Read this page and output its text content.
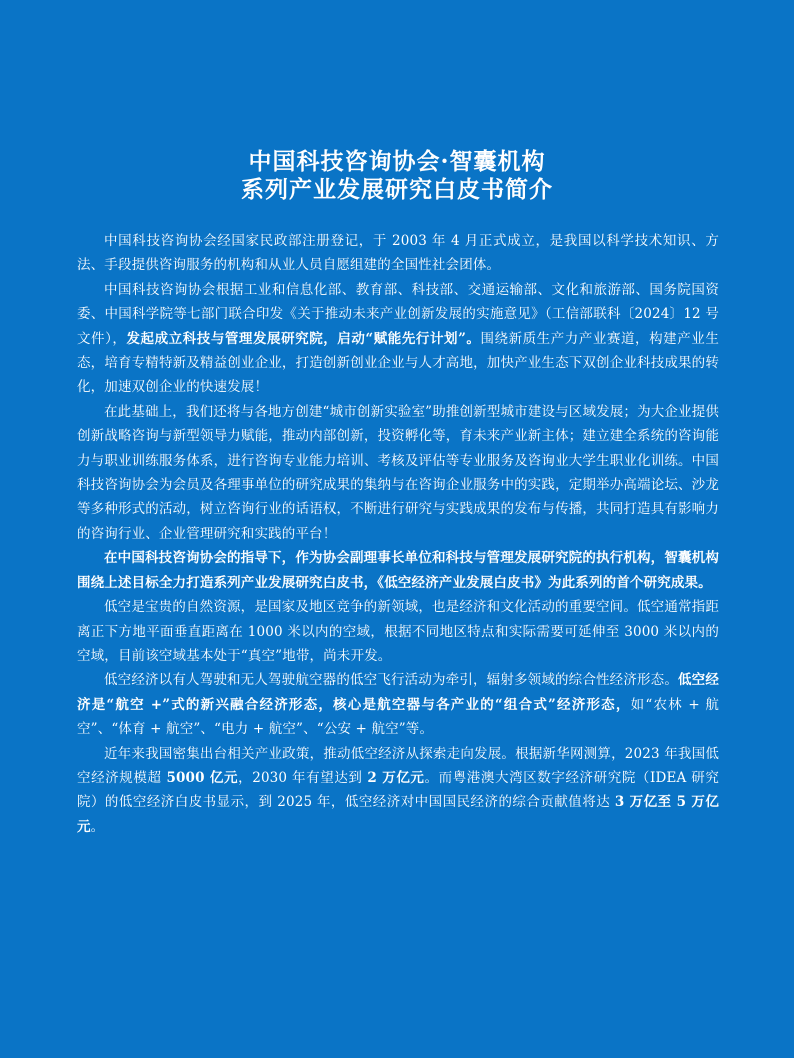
中国科技咨询协会·智囊机构
系列产业发展研究白皮书简介

中国科技咨询协会经国家民政部注册登记，于 2003 年 4 月正式成立，是我国以科学技术知识、方法、手段提供咨询服务的机构和从业人员自愿组建的全国性社会团体。

中国科技咨询协会根据工业和信息化部、教育部、科技部、交通运输部、文化和旅游部、国务院国资委、中国科学院等七部门联合印发《关于推动未来产业创新发展的实施意见》（工信部联科〔2024〕12 号文件），发起成立科技与管理发展研究院，启动“赋能先行计划”。围绕新质生产力产业赛道，构建产业生态，培育专精特新及精益创业企业，打造创新创业企业与人才高地，加快产业生态下双创企业科技成果的转化，加速双创企业的快速发展！

在此基础上，我们还将与各地方创建“城市创新实验室”助推创新型城市建设与区域发展；为大企业提供创新战略咨询与新型领导力赋能，推动内部创新，投资孵化等，育未来产业新主体；建立建全系统的咨询能力与职业训练服务体系，进行咨询专业能力培训、考核及评估等专业服务及咨询业大学生职业化训练。中国科技咨询协会为会员及各理事单位的研究成果的集纳与在咨询企业服务中的实践，定期举办高端论坛、沙龙等多种形式的活动，树立咨询行业的话语权，不断进行研究与实践成果的发布与传播，共同打造具有影响力的咨询行业、企业管理研究和实践的平台！

在中国科技咨询协会的指导下，作为协会副理事长单位和科技与管理发展研究院的执行机构，智囊机构围绕上述目标全力打造系列产业发展研究白皮书，《低空经济产业发展白皮书》为此系列的首个研究成果。

低空是宝贵的自然资源，是国家及地区竞争的新领域，也是经济和文化活动的重要空间。低空通常指距离正下方地平面垂直距离在 1000 米以内的空域，根据不同地区特点和实际需要可延伸至 3000 米以内的空域，目前该空域基本处于“真空”地带，尚未开发。

低空经济以有人驾驶和无人驾驶航空器的低空飞行活动为牵引，辐射多领域的综合性经济形态。低空经济是“航空 +”式的新兴融合经济形态，核心是航空器与各产业的“组合式”经济形态，如“农林 + 航空”、“体育 + 航空”、“电力 + 航空”、“公安 + 航空”等。

近年来我国密集出台相关产业政策，推动低空经济从探索走向发展。根据新华网测算，2023 年我国低空经济规模超 5000 亿元，2030 年有望达到 2 万亿元。而粤港澳大湾区数字经济研究院（IDEA 研究院）的低空经济白皮书显示，到 2025 年，低空经济对中国国民经济的综合贡献值将达 3 万亿至 5 万亿元。
